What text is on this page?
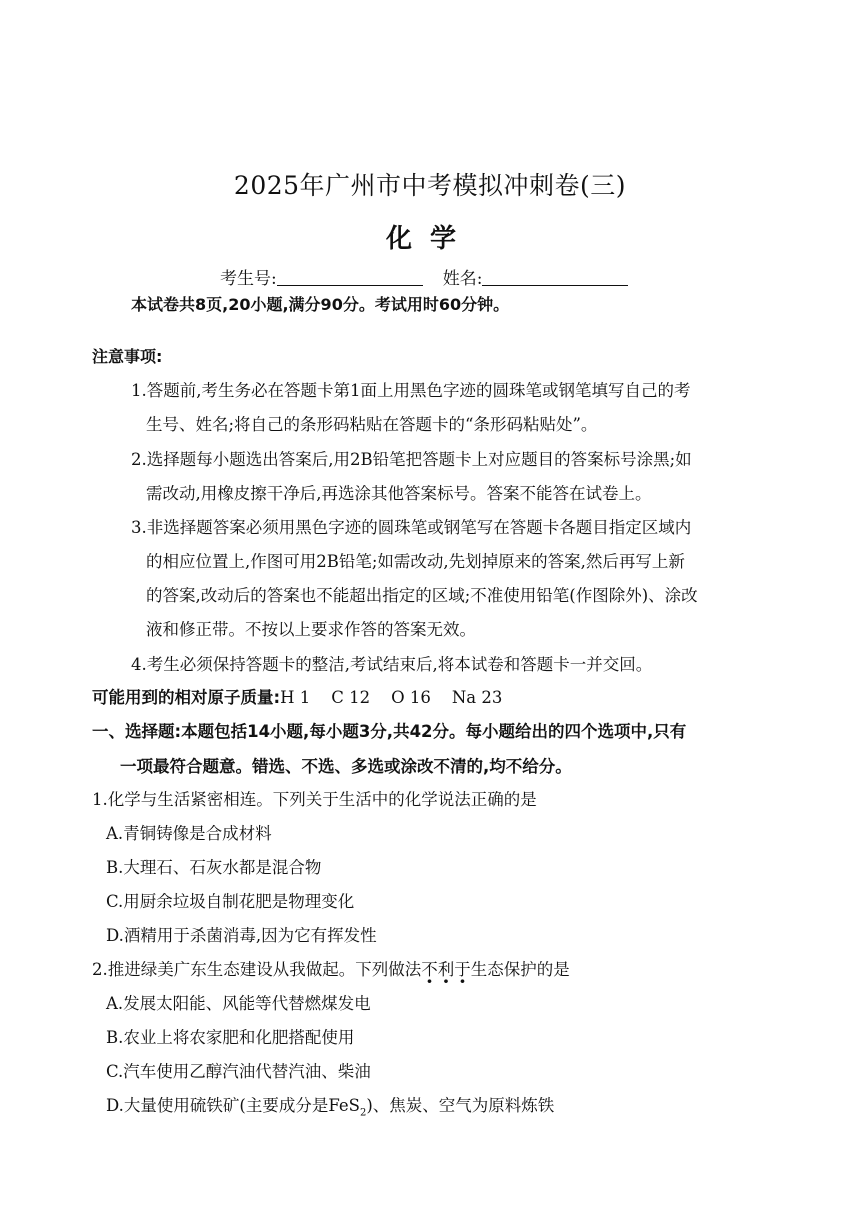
2025年广州市中考模拟冲刺卷(三)
化学
考生号:	姓名:
本试卷共8页,20小题,满分90分。考试用时60分钟。
注意事项:
1.答题前,考生务必在答题卡第1面上用黑色字迹的圆珠笔或钢笔填写自己的考
生号、姓名;将自己的条形码粘贴在答题卡的“条形码粘贴处”。
2.选择题每小题选出答案后,用2B铅笔把答题卡上对应题目的答案标号涂黑;如
需改动,用橡皮擦干净后,再选涂其他答案标号。答案不能答在试卷上。
3.非选择题答案必须用黑色字迹的圆珠笔或钢笔写在答题卡各题目指定区域内
的相应位置上,作图可用2B铅笔;如需改动,先划掉原来的答案,然后再写上新
的答案,改动后的答案也不能超出指定的区域;不准使用铅笔(作图除外)、涂改
液和修正带。不按以上要求作答的答案无效。
4.考生必须保持答题卡的整洁,考试结束后,将本试卷和答题卡一并交回。
可能用到的相对原子质量:H 1    C 12    O 16    Na 23
一、选择题:本题包括14小题,每小题3分,共42分。每小题给出的四个选项中,只有
一项最符合题意。错选、不选、多选或涂改不清的,均不给分。
1.化学与生活紧密相连。下列关于生活中的化学说法正确的是
A.青铜铸像是合成材料
B.大理石、石灰水都是混合物
C.用厨余垃圾自制花肥是物理变化
D.酒精用于杀菌消毒,因为它有挥发性
2.推进绿美广东生态建设从我做起。下列做法不利于生态保护的是
A.发展太阳能、风能等代替燃煤发电
B.农业上将农家肥和化肥搭配使用
C.汽车使用乙醇汽油代替汽油、柴油
D.大量使用硫铁矿(主要成分是FeS$_2$)、焦炭、空气为原料炼铁
